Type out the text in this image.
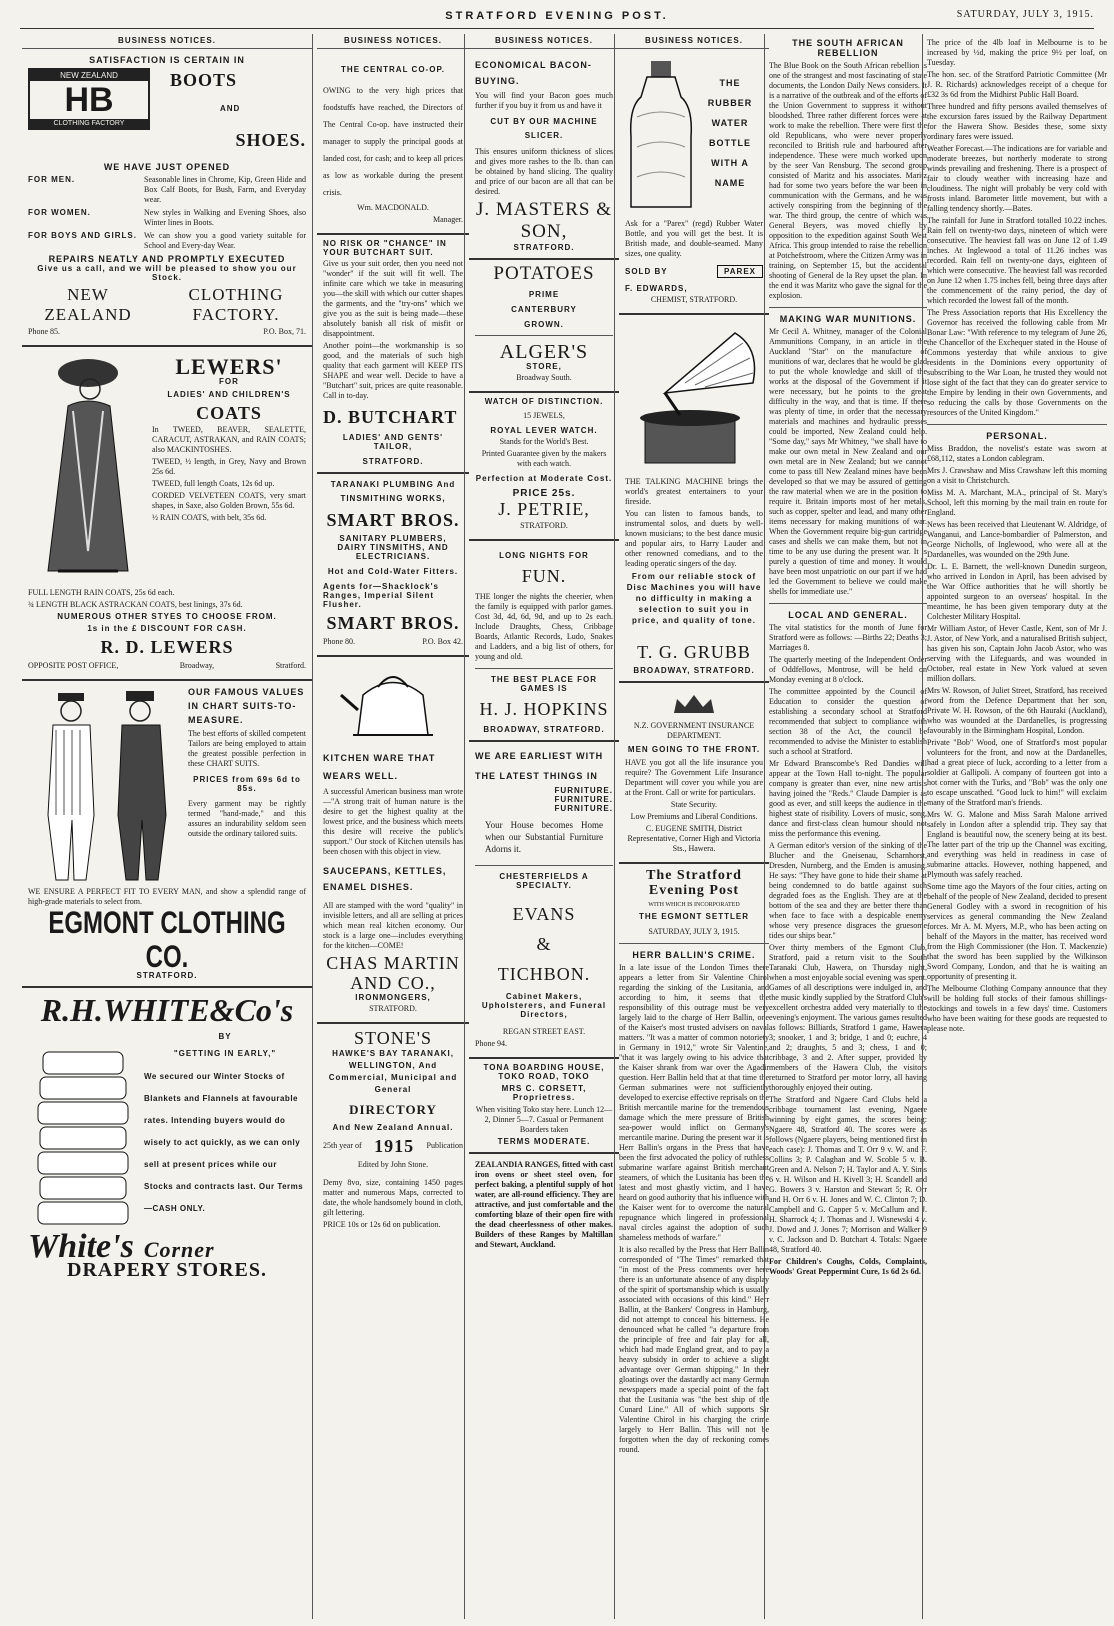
STRATFORD EVENING POST.	SATURDAY, JULY 3, 1915.
BUSINESS NOTICES.
SATISFACTION IS CERTAIN IN
NEW ZEALAND
HB
CLOTHING FACTORY
BOOTS
AND
SHOES.
WE HAVE JUST OPENED
FOR MEN.	Seasonable lines in Chrome, Kip, Green Hide and Box Calf Boots, for Bush, Farm, and Everyday wear.
FOR WOMEN.	New styles in Walking and Evening Shoes, also Winter lines in Boots.
FOR BOYS AND GIRLS. We can show you a good variety suitable for School and Every-day Wear.
REPAIRS NEATLY AND PROMPTLY EXECUTED
Give us a call, and we will be pleased to show you our Stock.
NEW ZEALAND
CLOTHING FACTORY.
Phone 85.	P.O. Box, 71.
LEWERS'
FOR
LADIES' AND CHILDREN'S
COATS
In TWEED, BEAVER, SEALETTE, CARACUT, ASTRAKAN, and RAIN COATS; also MACKINTOSHES.
TWEED, ½ length, in Grey, Navy and Brown 25s 6d.
TWEED, full length Coats, 12s 6d up.
CORDED VELVETEEN COATS, very smart shapes, in Saxe, also Golden Brown, 55s 6d.
½ RAIN COATS, with belt, 35s 6d.
FULL LENGTH RAIN COATS, 25s 6d each.
¾ LENGTH BLACK ASTRACKAN COATS, best linings, 37s 6d.
NUMEROUS OTHER STYES TO CHOOSE FROM.
1s in the £ DISCOUNT FOR CASH.
R. D. LEWERS
OPPOSITE POST OFFICE,	Broadway,	Stratford.
OUR FAMOUS VALUES IN CHART SUITS-TO-MEASURE.
The best efforts of skilled competent Tailors are being employed to attain the greatest possible perfection in these CHART SUITS.
PRICES from 69s 6d to 85s.
Every garment may be rightly termed "hand-made," and this assures an indurability seldom seen outside the ordinary tailored suits.
WE ENSURE A PERFECT FIT TO EVERY MAN, and show a splendid range of high-grade materials to select from.
EGMONT CLOTHING CO.
STRATFORD.
R.H.WHITE&Co's
BY
"GETTING IN EARLY,"
We secured our Winter Stocks of Blankets and Flannels at favourable rates. Intending buyers would do wisely to act quickly, as we can only sell at present prices while our Stocks and contracts last. Our Terms—CASH ONLY.
White's Corner
DRAPERY STORES.
BUSINESS NOTICES.
THE CENTRAL CO-OP.
OWING to the very high prices that foodstuffs have reached, the Directors of The Central Co-op. have instructed their manager to supply the principal goods at landed cost, for cash; and to keep all prices as low as workable during the present crisis.
Wm. MACDONALD.
Manager.
NO RISK OR "CHANCE" IN YOUR BUTCHART SUIT.
Give us your suit order, then you need not "wonder" if the suit will fit well. The infinite care which we take in measuring you—the skill with which our cutter shapes the garments, and the "try-ons" which we give you as the suit is being made—these absolutely banish all risk of misfit or disappointment.
Another point—the workmanship is so good, and the materials of such high quality that each garment will KEEP ITS SHAPE and wear well. Decide to have a "Butchart" suit, prices are quite reasonable. Call in to-day.
D. BUTCHART
LADIES' AND GENTS' TAILOR,
STRATFORD.
TARANAKI PLUMBING And TINSMITHING WORKS,
SMART BROS.
SANITARY PLUMBERS, DAIRY TINSMITHS, AND ELECTRICIANS.
Hot and Cold-Water Fitters.
Agents for—Shacklock's Ranges, Imperial Silent Flusher.
SMART BROS.
Phone 80.	P.O. Box 42.
KITCHEN WARE THAT WEARS WELL.
A successful American business man wrote—"A strong trait of human nature is the desire to get the highest quality at the lowest price, and the business which meets this desire will receive the public's support." Our stock of Kitchen utensils has been chosen with this object in view.
SAUCEPANS, KETTLES, ENAMEL DISHES.
All are stamped with the word "quality" in invisible letters, and all are selling at prices which mean real kitchen economy. Our stock is a large one—includes everything for the kitchen—COME!
CHAS MARTIN AND CO.,
IRONMONGERS,
STRATFORD.
STONE'S
HAWKE'S BAY TARANAKI, WELLINGTON, And Commercial, Municipal and General
DIRECTORY
And New Zealand Annual.
25th year of 1915 Publication
Edited by John Stone.
Demy 8vo, size, containing 1450 pages matter and numerous Maps, corrected to date, the whole handsomely bound in cloth, gilt lettering.
PRICE 10s or 12s 6d on publication.
BUSINESS NOTICES.
ECONOMICAL BACON-BUYING.
You will find your Bacon goes much further if you buy it from us and have it
CUT BY OUR MACHINE SLICER.
This ensures uniform thickness of slices and gives more rashes to the lb. than can be obtained by hand slicing. The quality and price of our bacon are all that can be desired.
J. MASTERS & SON,
STRATFORD.
POTATOES
PRIME
CANTERBURY
GROWN.
ALGER'S
STORE,
Broadway South.
WATCH OF DISTINCTION.
15 JEWELS,
ROYAL LEVER WATCH.
Stands for the World's Best.
Printed Guarantee given by the makers with each watch.
Perfection at Moderate Cost.
PRICE 25s.
J. PETRIE,
STRATFORD.
LONG NIGHTS FOR
FUN.
THE longer the nights the cheerier, when the family is equipped with parlor games. Cost 3d, 4d, 6d, 9d, and up to 2s each. Include Draughts, Chess, Cribbage Boards, Atlantic Records, Ludo, Snakes and Ladders, and a big list of others, for young and old.
THE BEST PLACE FOR GAMES IS
H. J. HOPKINS
BROADWAY, STRATFORD.
WE ARE EARLIEST WITH THE LATEST THINGS IN
FURNITURE.
FURNITURE.
FURNITURE.
Your House becomes Home when our Substantial Furniture Adorns it.
CHESTERFIELDS A SPECIALTY.
EVANS
&
TICHBON.
Cabinet Makers, Upholsterers, and Funeral Directors,
REGAN STREET EAST.
Phone 94.
TONA BOARDING HOUSE, TOKO ROAD, TOKO
MRS C. CORSETT, Proprietress.
When visiting Toko stay here. Lunch 12—2, Dinner 5—7. Casual or Permanent Boarders taken
TERMS MODERATE.
ZEALANDIA RANGES, fitted with cast iron ovens or sheet steel oven, for perfect baking, a plentiful supply of hot water, are all-round efficiency. They are attractive, and just comfortable and the comforting blaze of their open fire with the dead cheerlessness of other makes. Builders of these Ranges by Maltillan and Stewart, Auckland.
BUSINESS NOTICES.
THE
RUBBER
WATER
BOTTLE
WITH A
NAME
Ask for a "Parex" (regd) Rubber Water Bottle, and you will get the best. It is British made, and double-seamed. Many sizes, one quality.
SOLD BY	PAREX
F. EDWARDS,
CHEMIST, STRATFORD.
THE TALKING MACHINE brings the world's greatest entertainers to your fireside.
You can listen to famous bands, to instrumental solos, and duets by well-known musicians; to the best dance music and popular airs, to Harry Lauder and other renowned comedians, and to the leading operatic singers of the day.
From our reliable stock of Disc Machines you will have no difficulty in making a selection to suit you in price, and quality of tone.
T. G. GRUBB
BROADWAY, STRATFORD.
N.Z. GOVERNMENT INSURANCE DEPARTMENT.
MEN GOING TO THE FRONT.
HAVE you got all the life insurance you require? The Government Life Insurance Department will cover you while you are at the Front. Call or write for particulars.
State Security.
Low Premiums and Liberal Conditions.
C. EUGENE SMITH, District Representative, Corner High and Victoria Sts., Hawera.
The Stratford Evening Post
WITH WHICH IS INCORPORATED
THE EGMONT SETTLER
SATURDAY, JULY 3, 1915.
HERR BALLIN'S CRIME.
In a late issue of the London Times there appears a letter from Sir Valentine Chirol regarding the sinking of the Lusitania, and according to him, it seems that the responsibility of this outrage must be very largely laid to the charge of Herr Ballin, one of the Kaiser's most trusted advisers on naval matters. "It was a matter of common notoriety in Germany in 1912," wrote Sir Valentine, "that it was largely owing to his advice that the Kaiser shrank from war over the Agadir question. Herr Ballin held that at that time the German submarines were not sufficiently developed to exercise effective reprisals on the British mercantile marine for the tremendous damage which the mere pressure of British sea-power would inflict on Germany's mercantile marine. During the present war it is Herr Ballin's organs in the Press that have been the first advocated the policy of ruthless submarine warfare against British merchant steamers, of which the Lusitania has been the latest and most ghastly victim, and I have heard on good authority that his influence with the Kaiser went for to overcome the natural repugnance which lingered in professional naval circles against the adoption of such shameless methods of warfare."
It is also recalled by the Press that Herr Ballin corresponded of "The Times" remarked that "in most of the Press comments over here there is an unfortunate absence of any display of the spirit of sportsmanship which is usually associated with occasions of this kind." Herr Ballin, at the Bankers' Congress in Hamburg, did not attempt to conceal his bitterness. He denounced what he called "a departure from the principle of free and fair play for all, which had made England great, and to pay a heavy subsidy in order to achieve a slight advantage over German shipping." In their gloatings over the dastardly act many German newspapers made a special point of the fact that the Lusitania was "the best ship of the Cunard Line." All of which supports Sir Valentine Chirol in his charging the crime largely to Herr Ballin. This will not be forgotten when the day of reckoning comes round.
THE SOUTH AFRICAN REBELLION
The Blue Book on the South African rebellion is one of the strangest and most fascinating of state documents, the London Daily News considers. It is a narrative of the outbreak and of the efforts of the Union Government to suppress it without bloodshed. Three rather different forces were at work to make the rebellion. There were first the old Republicans, who were never properly reconciled to British rule and harboured after independence. These were much worked upon by the seer Van Rensburg. The second group consisted of Maritz and his associates. Maritz had for some two years before the war been in communication with the Germans, and he was actively conspiring from the beginning of the war. The third group, the centre of which was General Beyers, was moved chiefly by opposition to the expedition against South West Africa. This group intended to raise the rebellion at Potchefstroom, where the Citizen Army was in training, on September 15, but the accidental shooting of General de la Rey upset the plan. In the end it was Maritz who gave the signal for the explosion.
MAKING WAR MUNITIONS.
Mr Cecil A. Whitney, manager of the Colonial Ammunitions Company, in an article in the Auckland "Star" on the manufacture of munitions of war, declares that he would be glad to put the whole knowledge and skill of the works at the disposal of the Government if it were necessary, but he points to the great difficulty in the way, and that is time. If there was plenty of time, in order that the necessary materials and machines and hydraulic presses could be imported, New Zealand could help. "Some day," says Mr Whitney, "we shall have to make our own metal in New Zealand and our own metal are in New Zealand; but we cannot come to pass till New Zealand mines have been developed so that we may be assured of getting the raw material when we are in the position to require it. Britain imports most of her metals, such as copper, spelter and lead, and many other items necessary for making munitions of war. When the Government require big-gun cartridge cases and shells we can make them, but not in time to be any use during the present war. It is purely a question of time and money. It would have been most unpatriotic on our part if we had led the Government to believe we could make shells for immediate use."
LOCAL AND GENERAL.
The vital statistics for the month of June for Stratford were as follows: —Births 22; Deaths 3; Marriages 8.
The quarterly meeting of the Independent Order of Oddfellows, Montrose, will be held on Monday evening at 8 o'clock.
The committee appointed by the Council of Education to consider the question of establishing a secondary school at Stratford recommended that subject to compliance with section 38 of the Act, the council be recommended to advise the Minister to establish such a school at Stratford.
Mr Edward Branscombe's Red Dandies will appear at the Town Hall to-night. The popular company is greater than ever, nine new artists having joined the "Reds." Claude Dampier is as good as ever, and still keeps the audience in the highest state of risibility. Lovers of music, song, dance and first-class clean humour should not miss the performance this evening.
A German editor's version of the sinking of the Blucher and the Gneisenau, Scharnhorst, Dresden, Nurnberg, and the Emden is amusing. He says: "They have gone to hide their shame at being condemned to do battle against such degraded foes as the English. They are at the bottom of the sea and they are better there than when face to face with a despicable enemy whose very presence disgraces the gruesome tides our ships bear."
Over thirty members of the Egmont Club, Stratford, paid a return visit to the South Taranaki Club, Hawera, on Thursday night, when a most enjoyable social evening was spent. Games of all descriptions were indulged in, and the music kindly supplied by the Stratford Club's excellent orchestra added very materially to the evening's enjoyment. The various games resulted as follows: Billiards, Stratford 1 game, Hawera 3; snooker, 1 and 3; bridge, 1 and 0; euchre, 4 and 2; draughts, 5 and 3; chess, 1 and 0; cribbage, 3 and 2. After supper, provided by members of the Hawera Club, the visitors returned to Stratford per motor lorry, all having thoroughly enjoyed their outing.
The Stratford and Ngaere Card Clubs held a cribbage tournament last evening, Ngaere winning by eight games, the scores being: Ngaere 48, Stratford 40. The scores were as follows (Ngaere players, being mentioned first in each case): J. Thomas and T. Orr 9 v. W. and F. Collins 3; P. Calaghan and W. Scoble 5 v. B. Green and A. Nelson 7; H. Taylor and A. Y. Sims 6 v. H. Wilson and H. Kivell 3; H. Scandell and G. Bowers 3 v. Harston and Stewart 5; R. Orr and H. Orr 6 v. H. Jones and W. C. Clinton 7; D. Campbell and G. Capper 5 v. McCallum and J. H. Sharrock 4; J. Thomas and J. Wisnewski 4 v. J. Dowd and J. Jones 7; Morrison and Walker 9 v. C. Jackson and D. Butchart 4. Totals: Ngaere 48, Stratford 40.
For Children's Coughs, Colds, Complaints, Woods' Great Peppermint Cure, 1s 6d 2s 6d.
The price of the 4lb loaf in Melbourne is to be increased by ½d, making the price 9½ per loaf, on Tuesday.
The hon. sec. of the Stratford Patriotic Committee (Mr J. R. Richards) acknowledges receipt of a cheque for £32 3s 6d from the Midhirst Public Hall Board.
Three hundred and fifty persons availed themselves of the excursion fares issued by the Railway Department for the Hawera Show. Besides these, some sixty ordinary fares were issued.
Weather Forecast.—The indications are for variable and moderate breezes, but northerly moderate to strong winds prevailing and freshening. There is a prospect of fair to cloudy weather with increasing haze and cloudiness. The night will probably be very cold with frosts inland. Barometer little movement, but with a falling tendency shortly.—Bates.
The rainfall for June in Stratford totalled 10.22 inches. Rain fell on twenty-two days, nineteen of which were consecutive. The heaviest fall was on June 12 of 1.49 inches. At Inglewood a total of 11.26 inches was recorded. Rain fell on twenty-one days, eighteen of which were consecutive. The heaviest fall was recorded on June 12 when 1.75 inches fell, being three days after the commencement of the rainy period, the day of which recorded the lowest fall of the month.
The Press Association reports that His Excellency the Governor has received the following cable from Mr Bonar Law: "With reference to my telegram of June 26, the Chancellor of the Exchequer stated in the House of Commons yesterday that while anxious to give residents in the Dominions every opportunity of subscribing to the War Loan, he trusted they would not lose sight of the fact that they can do greater service to the Empire by lending in their own Governments, and so reducing the calls by those Governments on the resources of the United Kingdom."
PERSONAL.
Miss Braddon, the novelist's estate was sworn at £68,112, states a London cablegram.
Mrs J. Crawshaw and Miss Crawshaw left this morning on a visit to Christchurch.
Miss M. A. Marchant, M.A., principal of St. Mary's School, left this morning by the mail train en route for England.
News has been received that Lieutenant W. Aldridge, of Wanganui, and Lance-bombardier of Palmerston, and George Nicholls, of Inglewood, who were all at the Dardanelles, was wounded on the 29th June.
Dr. L. E. Barnett, the well-known Dunedin surgeon, who arrived in London in April, has been advised by the War Office authorities that he will shortly be appointed surgeon to an overseas' hospital. In the meantime, he has been given temporary duty at the Colchester Military Hospital.
Mr William Astor, of Hever Castle, Kent, son of Mr J. J. Astor, of New York, and a naturalised British subject, has given his son, Captain John Jacob Astor, who was serving with the Lifeguards, and was wounded in October, real estate in New York valued at seven million dollars.
Mrs W. Rowson, of Juliet Street, Stratford, has received word from the Defence Department that her son, Private W. H. Rowson, of the 6th Hauraki (Auckland), who was wounded at the Dardanelles, is progressing favourably in the Birmingham Hospital, London.
Private "Bob" Wood, one of Stratford's most popular volunteers for the front, and now at the Dardanelles, had a great piece of luck, according to a letter from a soldier at Gallipoli. A company of fourteen got into a hot corner with the Turks, and "Bob" was the only one to escape unscathed. "Good luck to him!" will exclaim many of the Stratford man's friends.
Mrs W. G. Malone and Miss Sarah Malone arrived safely in London after a splendid trip. They say that England is beautiful now, the scenery being at its best. The latter part of the trip up the Channel was exciting, and everything was held in readiness in case of submarine attacks. However, nothing happened, and Plymouth was safely reached.
Some time ago the Mayors of the four cities, acting on behalf of the people of New Zealand, decided to present General Godley with a sword in recognition of his services as general commanding the New Zealand forces. Mr A. M. Myers, M.P., who has been acting on behalf of the Mayors in the matter, has received word from the High Commissioner (the Hon. T. Mackenzie) that the sword has been supplied by the Wilkinson Sword Company, London, and that he is waiting an opportunity of presenting it.
The Melbourne Clothing Company announce that they will be holding full stocks of their famous shillings-stockings and towels in a few days' time. Customers who have been waiting for these goods are requested to please note.
